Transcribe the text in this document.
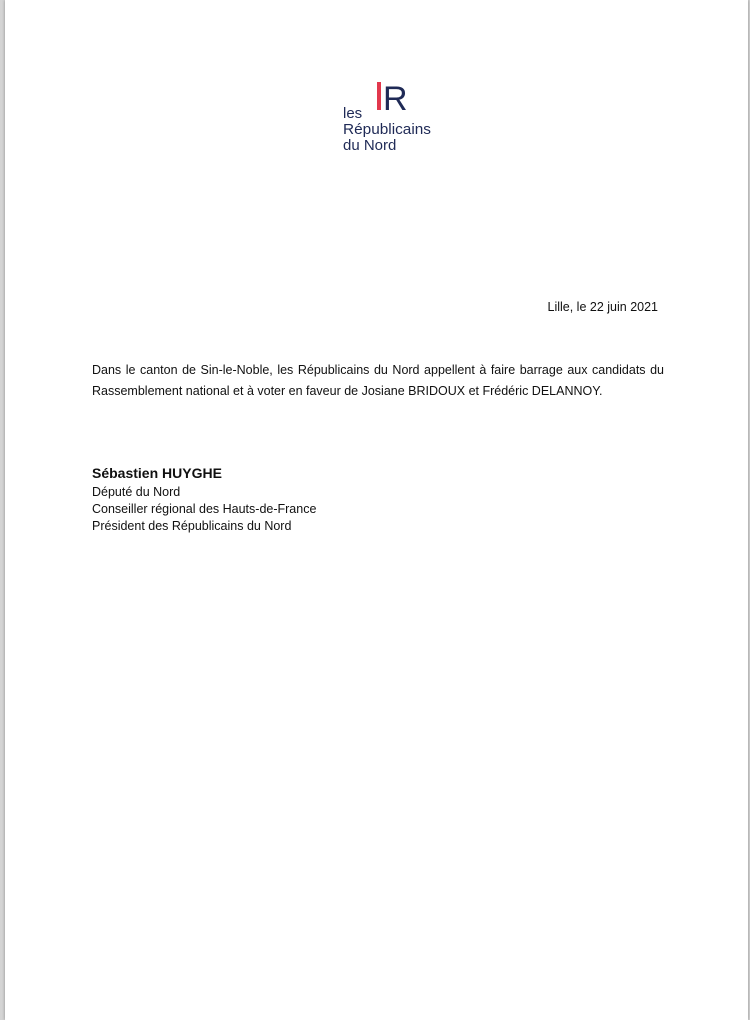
R
les
Républicains
du Nord
Lille, le 22 juin 2021
Dans le canton de Sin-le-Noble, les Républicains du Nord appellent à faire barrage aux candidats du Rassemblement national et à voter en faveur de Josiane BRIDOUX et Frédéric DELANNOY.
Sébastien HUYGHE
Député du Nord
Conseiller régional des Hauts-de-France
Président des Républicains du Nord
